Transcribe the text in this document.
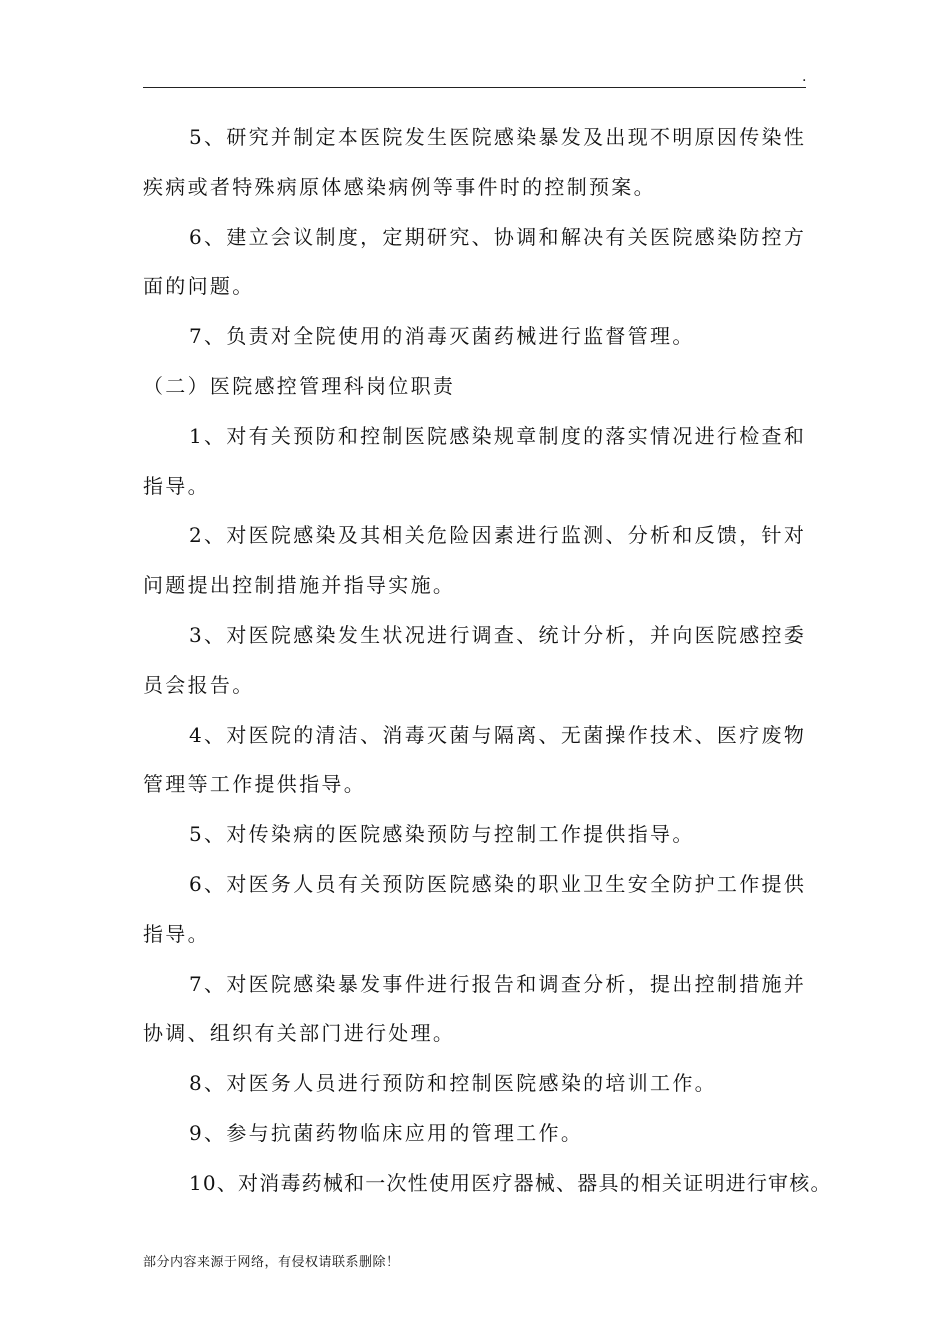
.
5、研究并制定本医院发生医院感染暴发及出现不明原因传染性
疾病或者特殊病原体感染病例等事件时的控制预案。
6、建立会议制度，定期研究、协调和解决有关医院感染防控方
面的问题。
7、负责对全院使用的消毒灭菌药械进行监督管理。
（二）医院感控管理科岗位职责
1、对有关预防和控制医院感染规章制度的落实情况进行检查和
指导。
2、对医院感染及其相关危险因素进行监测、分析和反馈，针对
问题提出控制措施并指导实施。
3、对医院感染发生状况进行调查、统计分析，并向医院感控委
员会报告。
4、对医院的清洁、消毒灭菌与隔离、无菌操作技术、医疗废物
管理等工作提供指导。
5、对传染病的医院感染预防与控制工作提供指导。
6、对医务人员有关预防医院感染的职业卫生安全防护工作提供
指导。
7、对医院感染暴发事件进行报告和调查分析，提出控制措施并
协调、组织有关部门进行处理。
8、对医务人员进行预防和控制医院感染的培训工作。
9、参与抗菌药物临床应用的管理工作。
10、对消毒药械和一次性使用医疗器械、器具的相关证明进行审核。
部分内容来源于网络，有侵权请联系删除！
